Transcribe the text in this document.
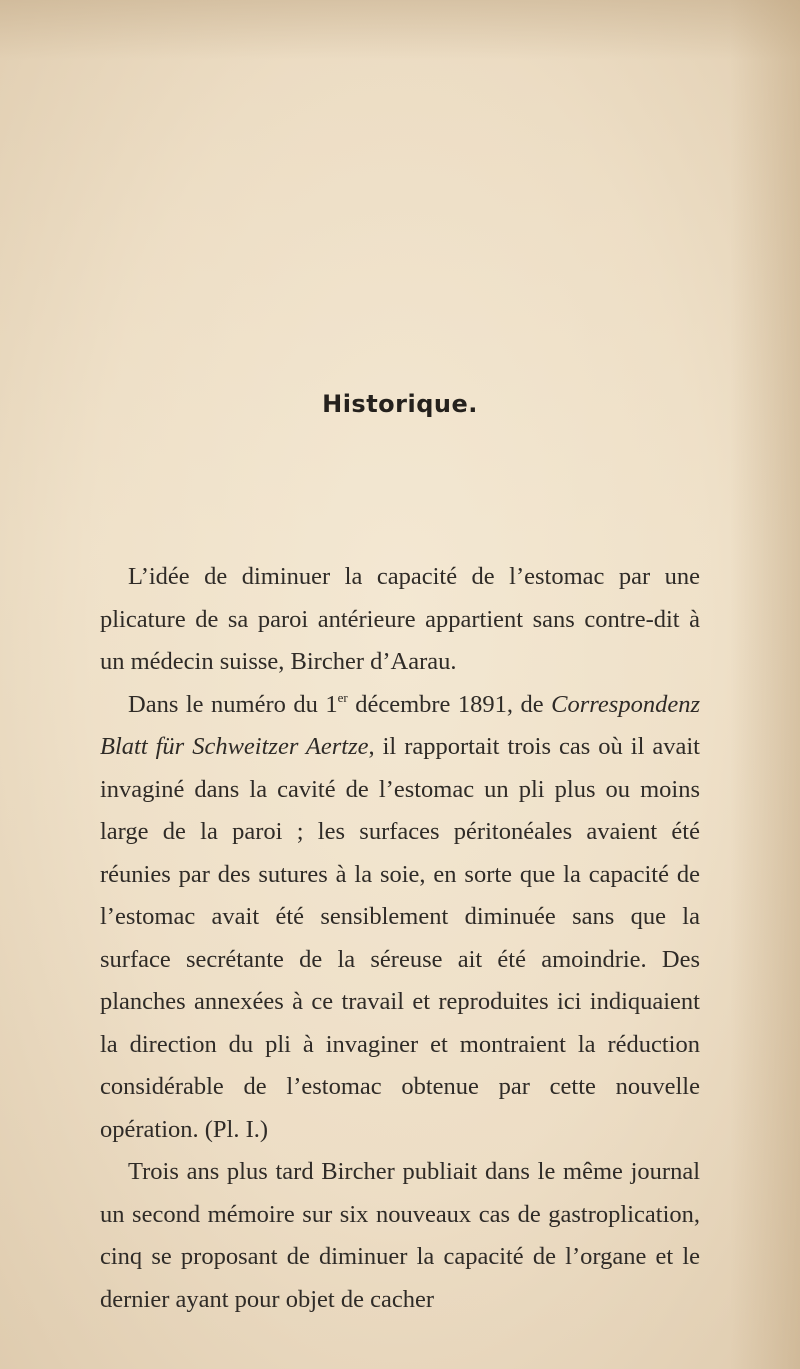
Historique.

L’idée de diminuer la capacité de l’estomac par une plicature de sa paroi antérieure appartient sans contre-dit à un médecin suisse, Bircher d’Aarau.

Dans le numéro du 1er décembre 1891, de Correspondenz Blatt für Schweitzer Aertze, il rapportait trois cas où il avait invaginé dans la cavité de l’estomac un pli plus ou moins large de la paroi ; les surfaces péritonéales avaient été réunies par des sutures à la soie, en sorte que la capacité de l’estomac avait été sensiblement diminuée sans que la surface secrétante de la séreuse ait été amoindrie. Des planches annexées à ce travail et reproduites ici indiquaient la direction du pli à invaginer et montraient la réduction considérable de l’estomac obtenue par cette nouvelle opération. (Pl. I.)

Trois ans plus tard Bircher publiait dans le même journal un second mémoire sur six nouveaux cas de gastroplication, cinq se proposant de diminuer la capacité de l’organe et le dernier ayant pour objet de cacher
